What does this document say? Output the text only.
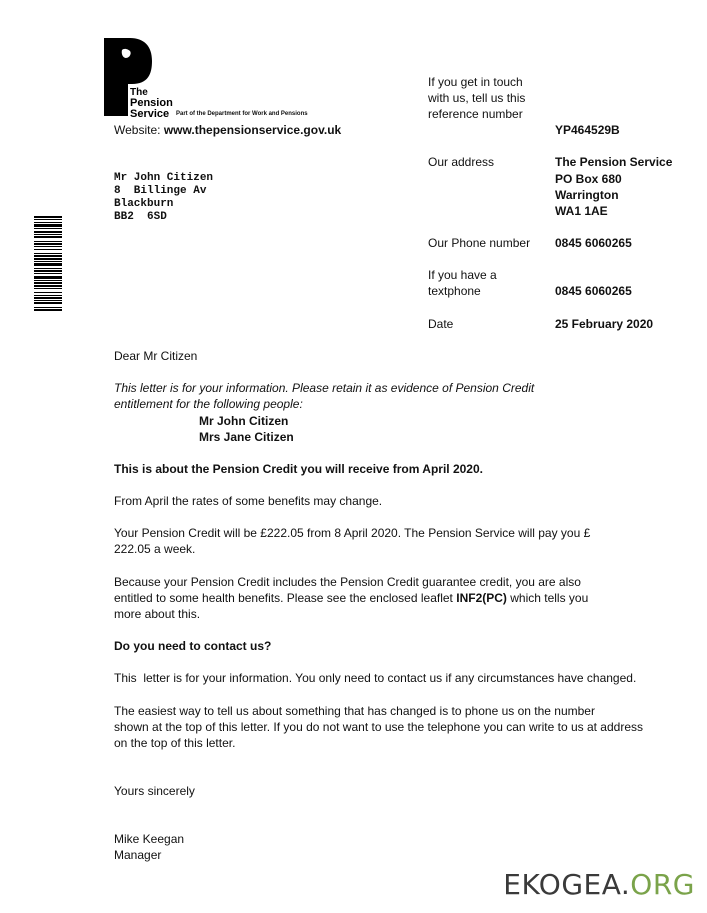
The
Pension
Service Part of the Department for Work and Pensions
Website: www.thepensionservice.gov.uk
Mr John Citizen
8  Billinge Av
Blackburn
BB2  6SD
If you get in touch
with us, tell us this
reference number
YP464529B
Our address	The Pension Service
PO Box 680
Warrington
WA1 1AE
Our Phone number 0845 6060265
If you have a
textphone	0845 6060265
Date	25 February 2020
Dear Mr Citizen
This letter is for your information. Please retain it as evidence of Pension Credit
entitlement for the following people:
Mr John Citizen
Mrs Jane Citizen
This is about the Pension Credit you will receive from April 2020.
From April the rates of some benefits may change.
Your Pension Credit will be £222.05 from 8 April 2020. The Pension Service will pay you £
222.05 a week.
Because your Pension Credit includes the Pension Credit guarantee credit, you are also
entitled to some health benefits. Please see the enclosed leaflet INF2(PC) which tells you
more about this.
Do you need to contact us?
This  letter is for your information. You only need to contact us if any circumstances have changed.
The easiest way to tell us about something that has changed is to phone us on the number
shown at the top of this letter. If you do not want to use the telephone you can write to us at address
on the top of this letter.
Yours sincerely
Mike Keegan
Manager
EKOGEA.ORG
